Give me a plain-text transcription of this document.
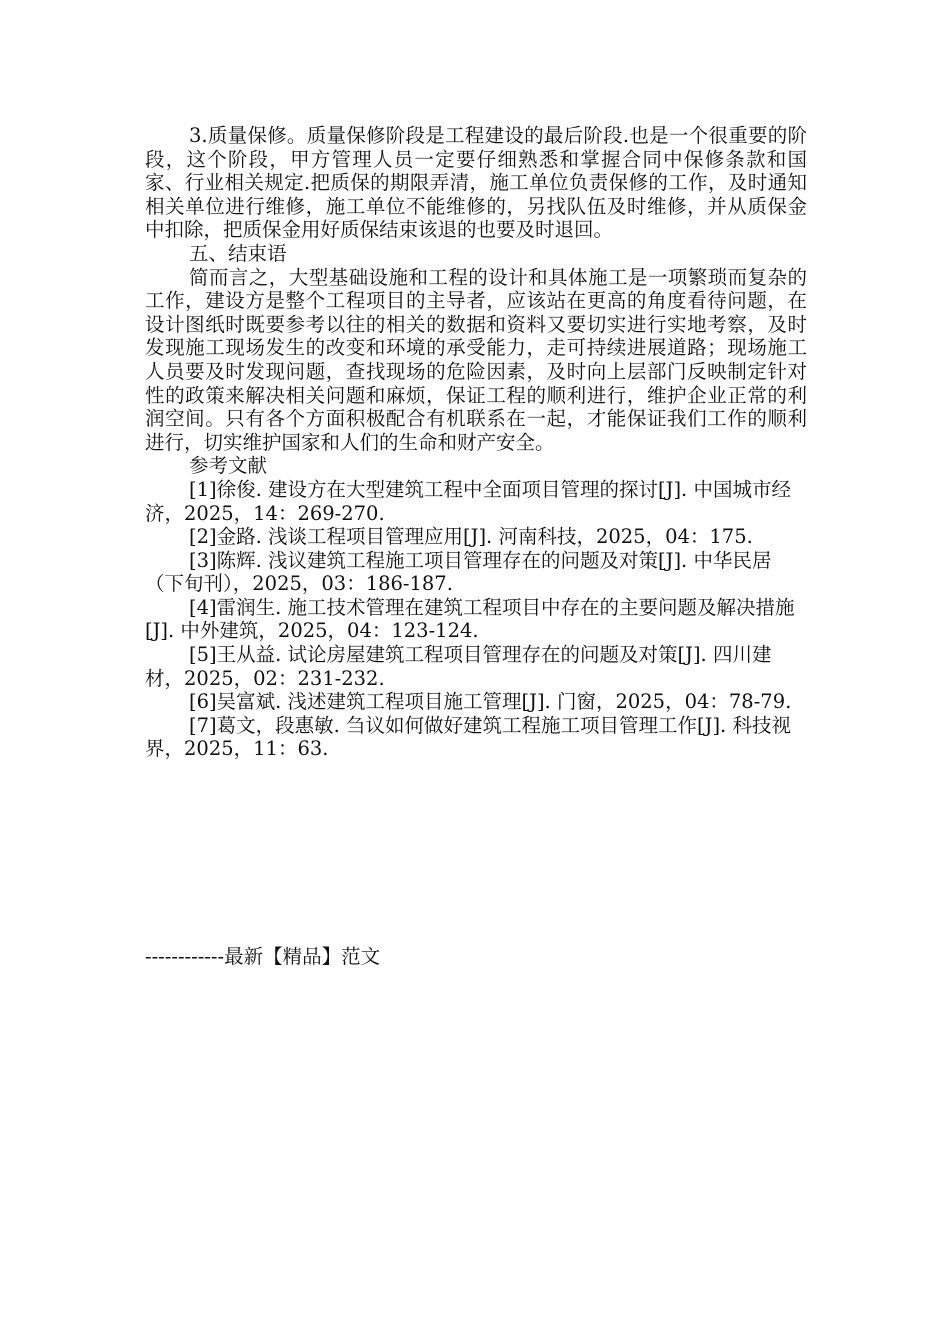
3.质量保修。质量保修阶段是工程建设的最后阶段.也是一个很重要的阶段，这个阶段，甲方管理人员一定要仔细熟悉和掌握合同中保修条款和国家、行业相关规定.把质保的期限弄清，施工单位负责保修的工作，及时通知相关单位进行维修，施工单位不能维修的，另找队伍及时维修，并从质保金中扣除，把质保金用好质保结束该退的也要及时退回。

五、结束语

简而言之，大型基础设施和工程的设计和具体施工是一项繁琐而复杂的工作，建设方是整个工程项目的主导者，应该站在更高的角度看待问题，在设计图纸时既要参考以往的相关的数据和资料又要切实进行实地考察，及时发现施工现场发生的改变和环境的承受能力，走可持续进展道路；现场施工人员要及时发现问题，查找现场的危险因素，及时向上层部门反映制定针对性的政策来解决相关问题和麻烦，保证工程的顺利进行，维护企业正常的利润空间。只有各个方面积极配合有机联系在一起，才能保证我们工作的顺利进行，切实维护国家和人们的生命和财产安全。

参考文献

[1]徐俊. 建设方在大型建筑工程中全面项目管理的探讨[J]. 中国城市经济，2025，14：269-270.

[2]金路. 浅谈工程项目管理应用[J]. 河南科技，2025，04：175.

[3]陈辉. 浅议建筑工程施工项目管理存在的问题及对策[J]. 中华民居（下旬刊），2025，03：186-187.

[4]雷润生. 施工技术管理在建筑工程项目中存在的主要问题及解决措施[J]. 中外建筑，2025，04：123-124.

[5]王从益. 试论房屋建筑工程项目管理存在的问题及对策[J]. 四川建材，2025，02：231-232.

[6]吴富斌. 浅述建筑工程项目施工管理[J]. 门窗，2025，04：78-79.

[7]葛文，段惠敏. 刍议如何做好建筑工程施工项目管理工作[J]. 科技视界，2025，11：63.

------------最新【精品】范文
